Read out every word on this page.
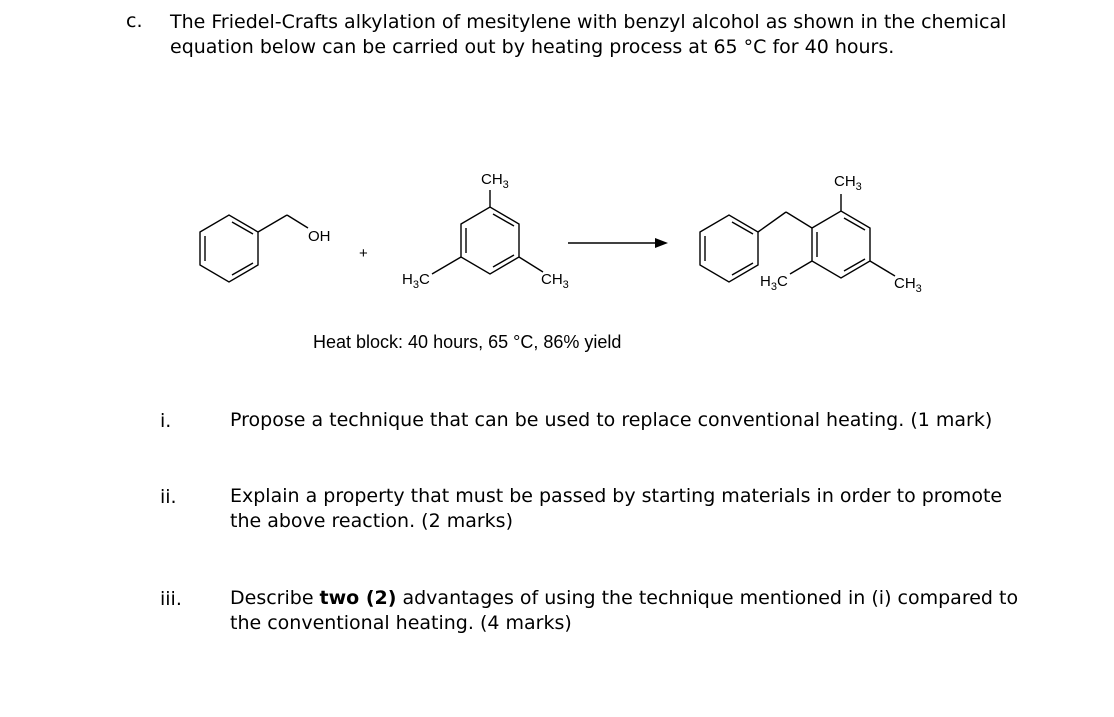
c. The Friedel-Crafts alkylation of mesitylene with benzyl alcohol as shown in the chemical equation below can be carried out by heating process at 65 °C for 40 hours.
OH
+
$CH_3$
$H_3C$	$CH_3$
$CH_3$
$H_3C$	$CH_3$
Heat block: 40 hours, 65 °C, 86% yield
i.	Propose a technique that can be used to replace conventional heating. (1 mark)
ii.	Explain a property that must be passed by starting materials in order to promote the above reaction. (2 marks)
iii.	Describe two (2) advantages of using the technique mentioned in (i) compared to the conventional heating. (4 marks)
